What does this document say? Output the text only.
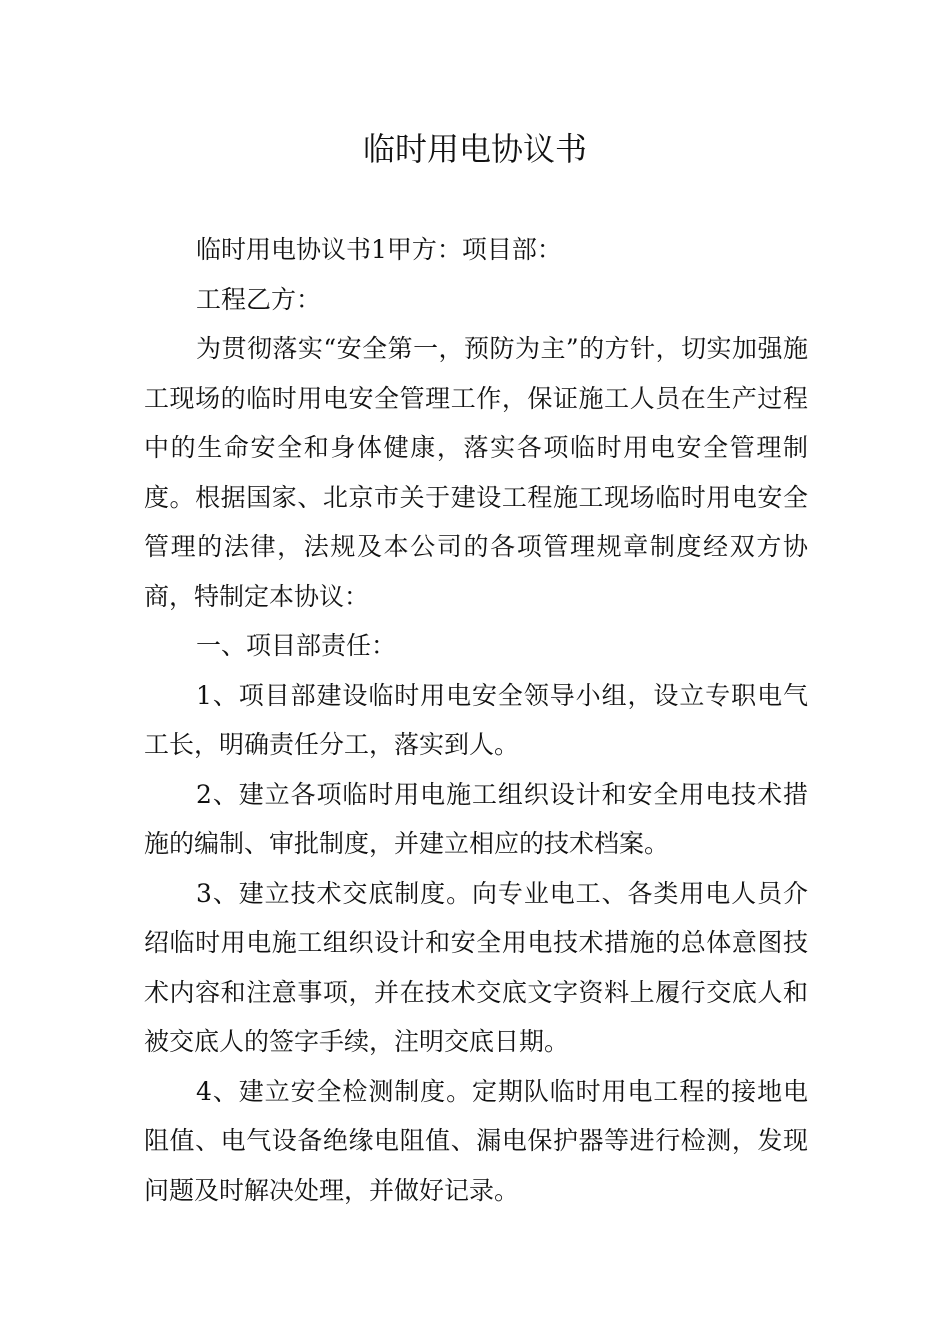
临时用电协议书

临时用电协议书1甲方：项目部：

工程乙方：

为贯彻落实“安全第一，预防为主”的方针，切实加强施工现场的临时用电安全管理工作，保证施工人员在生产过程中的生命安全和身体健康，落实各项临时用电安全管理制度。根据国家、北京市关于建设工程施工现场临时用电安全管理的法律，法规及本公司的各项管理规章制度经双方协商，特制定本协议：

一、项目部责任：

1、项目部建设临时用电安全领导小组，设立专职电气工长，明确责任分工，落实到人。

2、建立各项临时用电施工组织设计和安全用电技术措施的编制、审批制度，并建立相应的技术档案。

3、建立技术交底制度。向专业电工、各类用电人员介绍临时用电施工组织设计和安全用电技术措施的总体意图技术内容和注意事项，并在技术交底文字资料上履行交底人和被交底人的签字手续，注明交底日期。

4、建立安全检测制度。定期队临时用电工程的接地电阻值、电气设备绝缘电阻值、漏电保护器等进行检测，发现问题及时解决处理，并做好记录。
